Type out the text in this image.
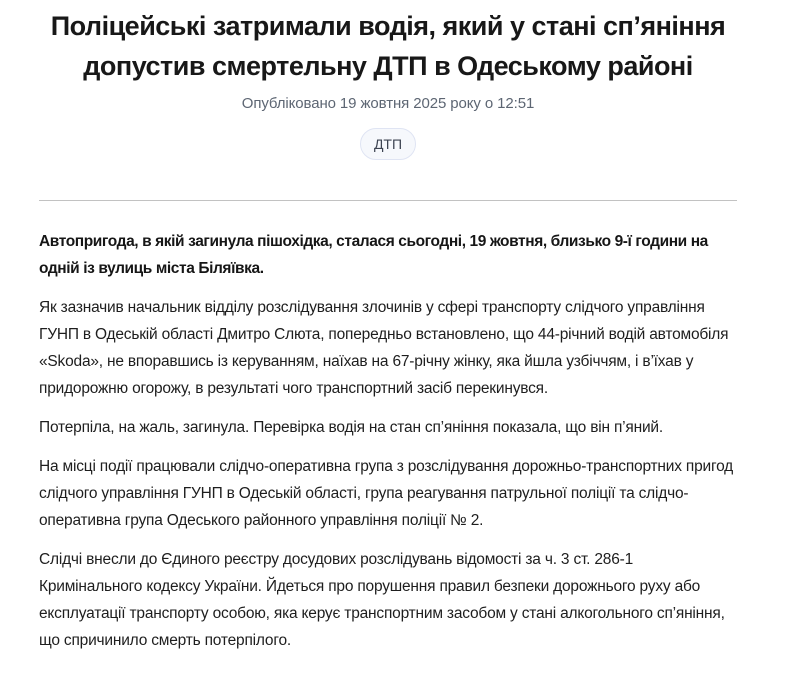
Поліцейські затримали водія, який у стані сп’яніння допустив смертельну ДТП в Одеському районі
Опубліковано 19 жовтня 2025 року о 12:51
ДТП

Автопригода, в якій загинула пішохідка, сталася сьогодні, 19 жовтня, близько 9-ї години на одній із вулиць міста Біляївка.

Як зазначив начальник відділу розслідування злочинів у сфері транспорту слідчого управління ГУНП в Одеській області Дмитро Слюта, попередньо встановлено, що 44-річний водій автомобіля «Skoda», не впоравшись із керуванням, наїхав на 67-річну жінку, яка йшла узбіччям, і в’їхав у придорожню огорожу, в результаті чого транспортний засіб перекинувся.

Потерпіла, на жаль, загинула. Перевірка водія на стан сп’яніння показала, що він п’яний.

На місці події працювали слідчо-оперативна група з розслідування дорожньо-транспортних пригод слідчого управління ГУНП в Одеській області, група реагування патрульної поліції та слідчо-оперативна група Одеського районного управління поліції № 2.

Слідчі внесли до Єдиного реєстру досудових розслідувань відомості за ч. 3 ст. 286-1 Кримінального кодексу України. Йдеться про порушення правил безпеки дорожнього руху або експлуатації транспорту особою, яка керує транспортним засобом у стані алкогольного сп’яніння, що спричинило смерть потерпілого.
